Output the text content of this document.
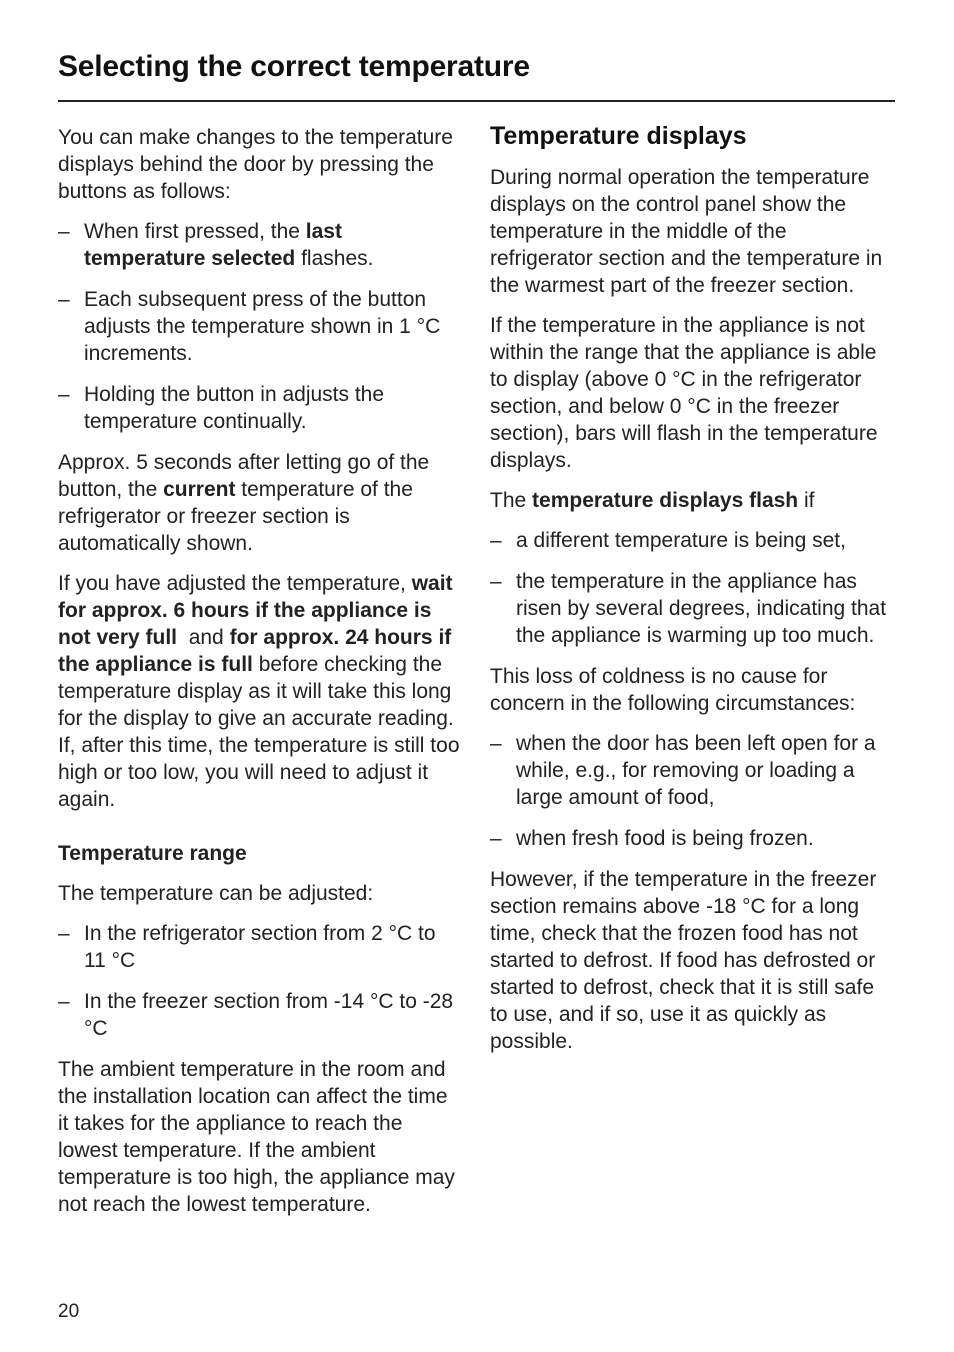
Selecting the correct temperature

You can make changes to the temperature displays behind the door by pressing the buttons as follows:

– When first pressed, the last temperature selected flashes.
– Each subsequent press of the button adjusts the temperature shown in 1 °C increments.
– Holding the button in adjusts the temperature continually.

Approx. 5 seconds after letting go of the button, the current temperature of the refrigerator or freezer section is automatically shown.

If you have adjusted the temperature, wait for approx. 6 hours if the appliance is not very full  and for approx. 24 hours if the appliance is full before checking the temperature display as it will take this long for the display to give an accurate reading. If, after this time, the temperature is still too high or too low, you will need to adjust it again.

Temperature range

The temperature can be adjusted:

– In the refrigerator section from 2 °C to 11 °C
– In the freezer section from -14 °C to -28 °C

The ambient temperature in the room and the installation location can affect the time it takes for the appliance to reach the lowest temperature. If the ambient temperature is too high, the appliance may not reach the lowest temperature.

Temperature displays

During normal operation the temperature displays on the control panel show the temperature in the middle of the refrigerator section and the temperature in the warmest part of the freezer section.

If the temperature in the appliance is not within the range that the appliance is able to display (above 0 °C in the refrigerator section, and below 0 °C in the freezer section), bars will flash in the temperature displays.

The temperature displays flash if

– a different temperature is being set,
– the temperature in the appliance has risen by several degrees, indicating that the appliance is warming up too much.

This loss of coldness is no cause for concern in the following circumstances:

– when the door has been left open for a while, e.g., for removing or loading a large amount of food,
– when fresh food is being frozen.

However, if the temperature in the freezer section remains above -18 °C for a long time, check that the frozen food has not started to defrost. If food has defrosted or started to defrost, check that it is still safe to use, and if so, use it as quickly as possible.

20
